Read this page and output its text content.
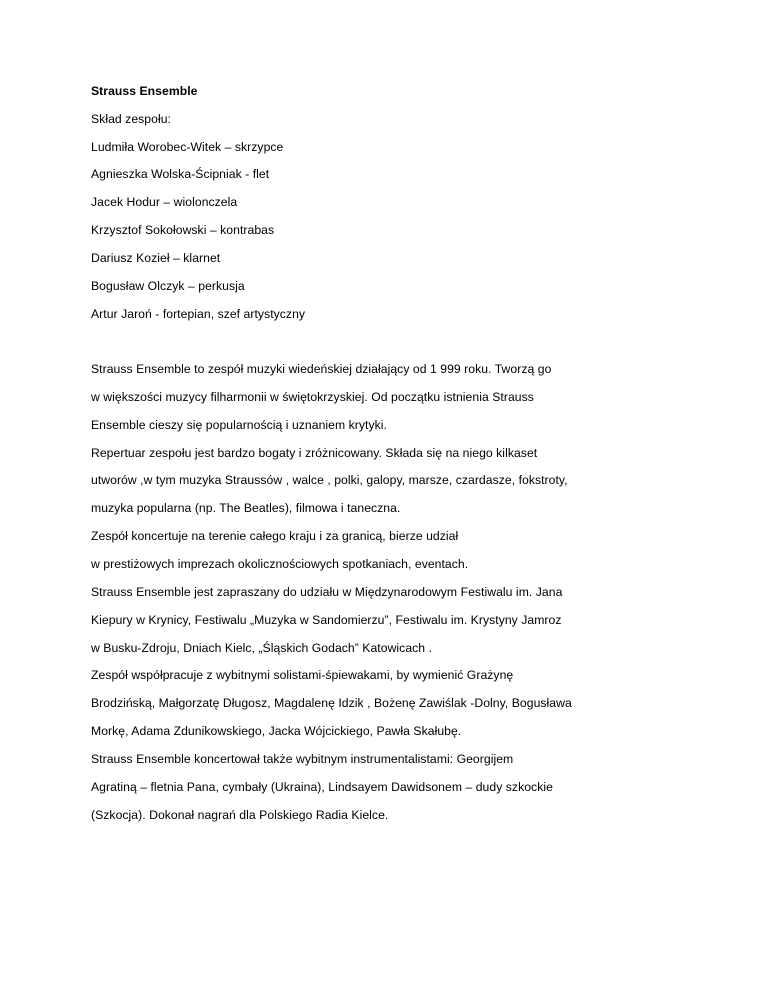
Strauss Ensemble
Skład zespołu:
Ludmiła Worobec-Witek – skrzypce
Agnieszka Wolska-Ścipniak - flet
Jacek Hodur – wiolonczela
Krzysztof Sokołowski – kontrabas
Dariusz Kozieł – klarnet
Bogusław Olczyk – perkusja
Artur Jaroń - fortepian, szef artystyczny
Strauss Ensemble to zespół muzyki wiedeńskiej działający od 1 999 roku. Tworzą go
w większości muzycy filharmonii w świętokrzyskiej. Od początku istnienia Strauss
Ensemble cieszy się popularnością i uznaniem krytyki.
Repertuar zespołu jest bardzo bogaty i zróżnicowany. Składa się na niego kilkaset
utworów ,w tym muzyka Straussów , walce , polki, galopy, marsze, czardasze, fokstroty,
muzyka popularna (np. The Beatles), filmowa i taneczna.
Zespół koncertuje na terenie całego kraju i za granicą, bierze udział
w prestiżowych imprezach okolicznościowych spotkaniach, eventach.
Strauss Ensemble jest zapraszany do udziału w Międzynarodowym Festiwalu im. Jana
Kiepury w Krynicy, Festiwalu „Muzyka w Sandomierzu”, Festiwalu im. Krystyny Jamroz
w Busku-Zdroju, Dniach Kielc, „Śląskich Godach” Katowicach .
Zespół współpracuje z wybitnymi solistami-śpiewakami, by wymienić Grażynę
Brodzińską, Małgorzatę Długosz, Magdalenę Idzik , Bożenę Zawiślak -Dolny, Bogusława
Morkę, Adama Zdunikowskiego, Jacka Wójcickiego, Pawła Skałubę.
Strauss Ensemble koncertował także wybitnym instrumentalistami: Georgijem
Agratiną – fletnia Pana, cymbały (Ukraina), Lindsayem Dawidsonem – dudy szkockie
(Szkocja). Dokonał nagrań dla Polskiego Radia Kielce.
